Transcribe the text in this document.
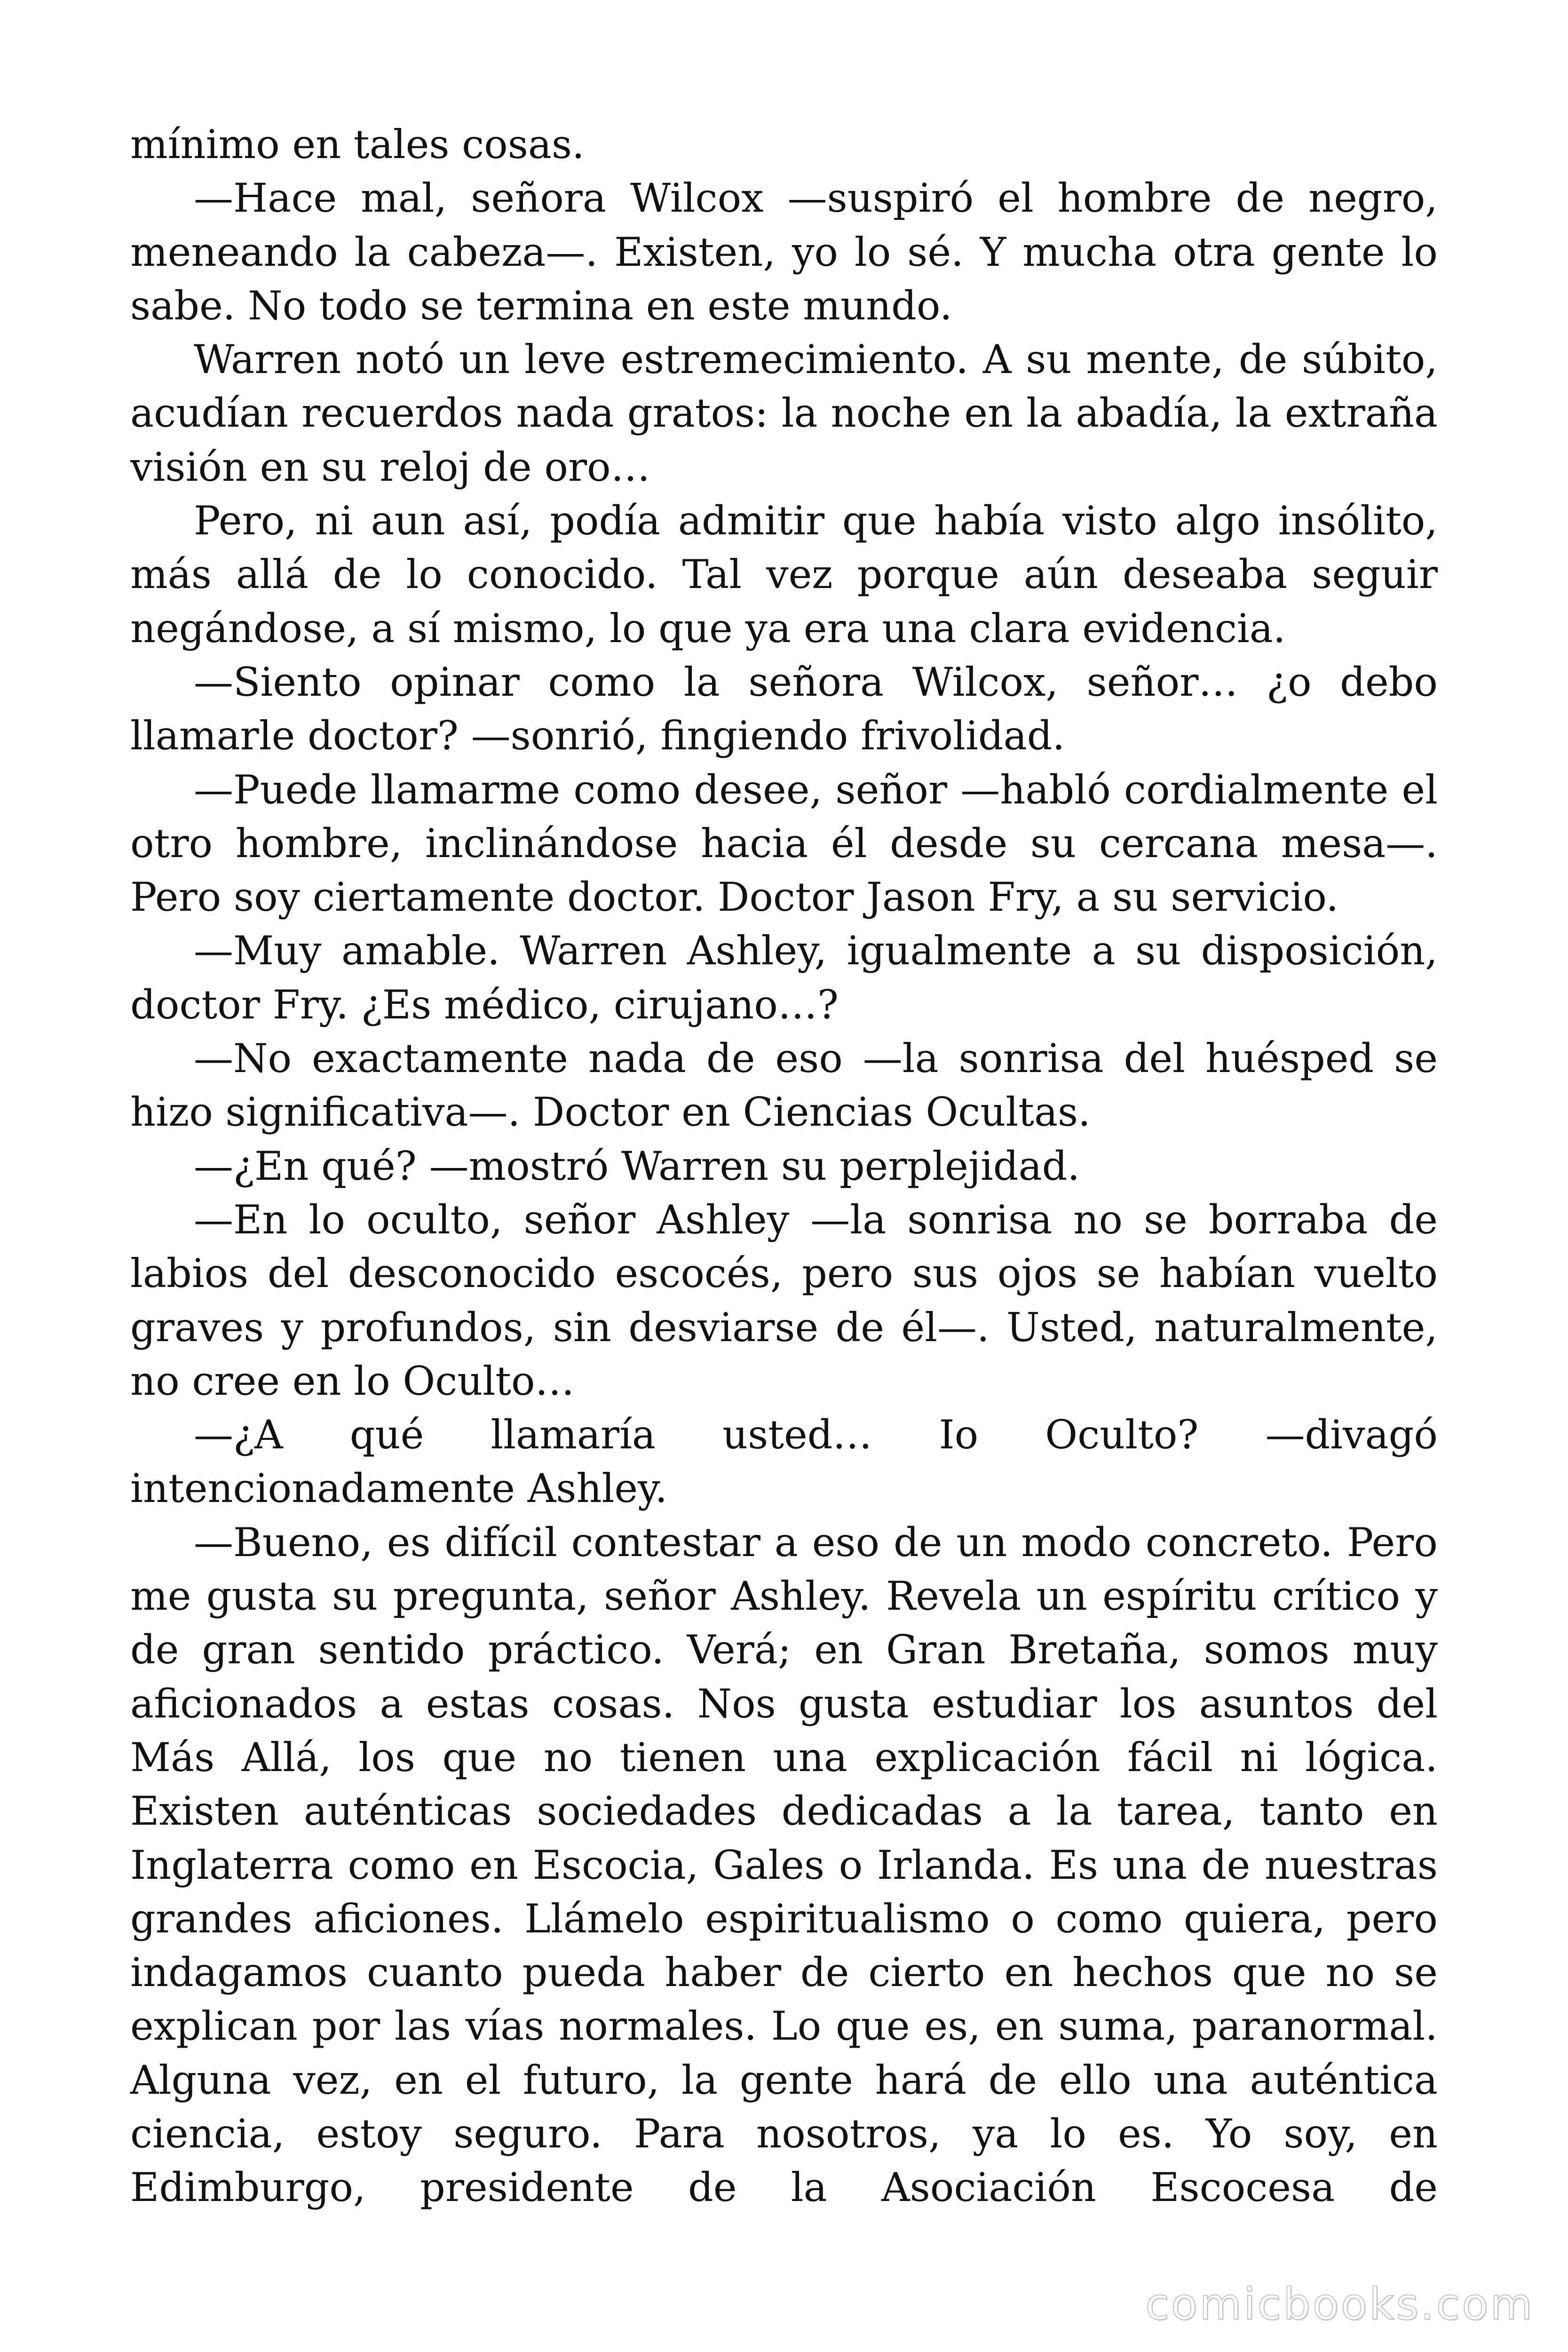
mínimo en tales cosas.

—Hace mal, señora Wilcox —suspiró el hombre de negro, meneando la cabeza—. Existen, yo lo sé. Y mucha otra gente lo sabe. No todo se termina en este mundo.

Warren notó un leve estremecimiento. A su mente, de súbito, acudían recuerdos nada gratos: la noche en la abadía, la extraña visión en su reloj de oro…

Pero, ni aun así, podía admitir que había visto algo insólito, más allá de lo conocido. Tal vez porque aún deseaba seguir negándose, a sí mismo, lo que ya era una clara evidencia.

—Siento opinar como la señora Wilcox, señor… ¿o debo llamarle doctor? —sonrió, fingiendo frivolidad.

—Puede llamarme como desee, señor —habló cordialmente el otro hombre, inclinándose hacia él desde su cercana mesa—. Pero soy ciertamente doctor. Doctor Jason Fry, a su servicio.

—Muy amable. Warren Ashley, igualmente a su disposición, doctor Fry. ¿Es médico, cirujano…?

—No exactamente nada de eso —la sonrisa del huésped se hizo significativa—. Doctor en Ciencias Ocultas.

—¿En qué? —mostró Warren su perplejidad.

—En lo oculto, señor Ashley —la sonrisa no se borraba de labios del desconocido escocés, pero sus ojos se habían vuelto graves y profundos, sin desviarse de él—. Usted, naturalmente, no cree en lo Oculto…

—¿A qué llamaría usted… Io Oculto? —divagó intencionadamente Ashley.

—Bueno, es difícil contestar a eso de un modo concreto. Pero me gusta su pregunta, señor Ashley. Revela un espíritu crítico y de gran sentido práctico. Verá; en Gran Bretaña, somos muy aficionados a estas cosas. Nos gusta estudiar los asuntos del Más Allá, los que no tienen una explicación fácil ni lógica. Existen auténticas sociedades dedicadas a la tarea, tanto en Inglaterra como en Escocia, Gales o Irlanda. Es una de nuestras grandes aficiones. Llámelo espiritualismo o como quiera, pero indagamos cuanto pueda haber de cierto en hechos que no se explican por las vías normales. Lo que es, en suma, paranormal. Alguna vez, en el futuro, la gente hará de ello una auténtica ciencia, estoy seguro. Para nosotros, ya lo es. Yo soy, en Edimburgo, presidente de la Asociación Escocesa de

comicbooks.com
